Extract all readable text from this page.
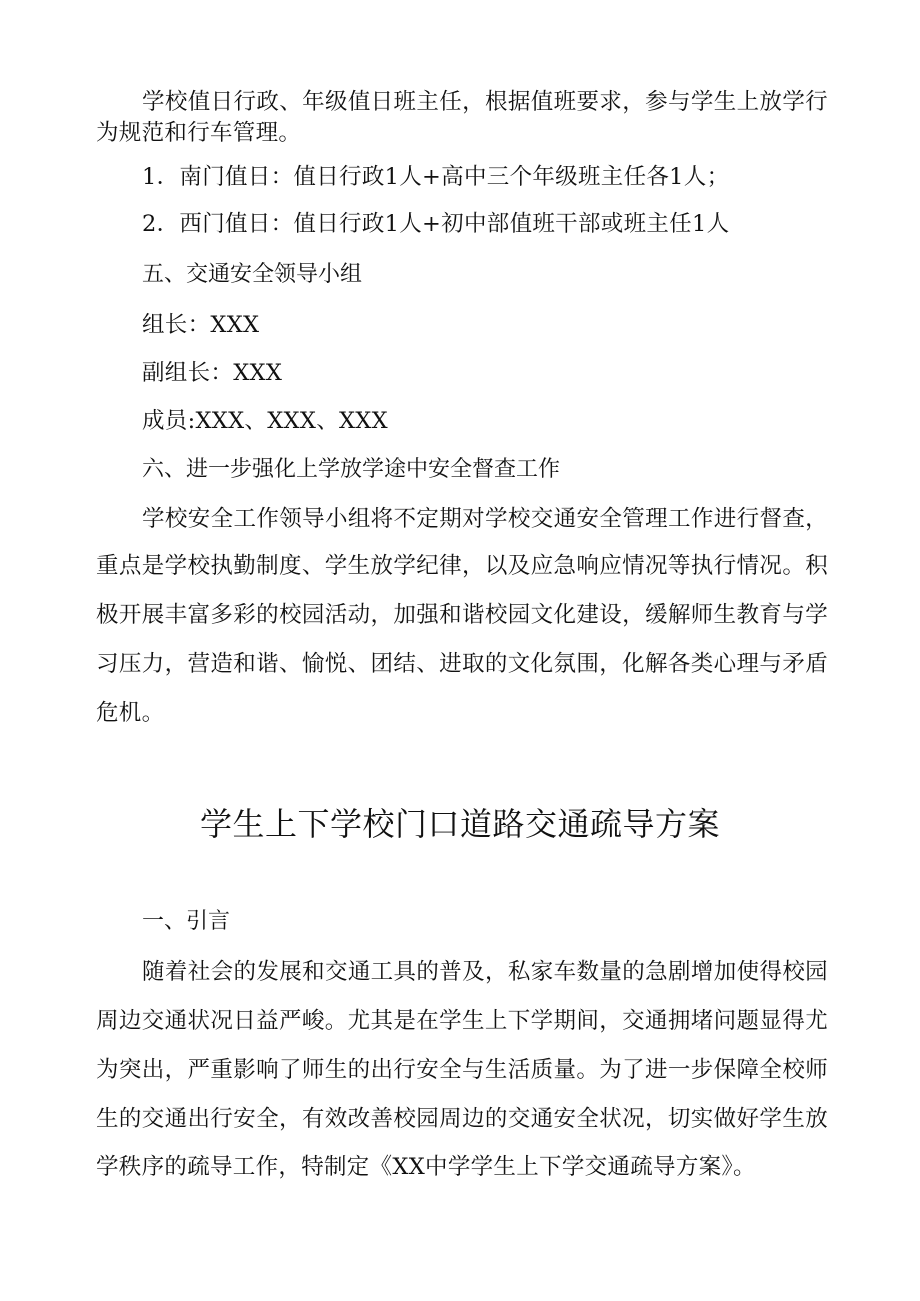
学校值日行政、年级值日班主任，根据值班要求，参与学生上放学行
为规范和行车管理。
1．南门值日：值日行政1人+高中三个年级班主任各1人；
2．西门值日：值日行政1人+初中部值班干部或班主任1人
五、交通安全领导小组
组长：XXX
副组长：XXX
成员:XXX、XXX、XXX
六、进一步强化上学放学途中安全督查工作
学校安全工作领导小组将不定期对学校交通安全管理工作进行督查，
重点是学校执勤制度、学生放学纪律，以及应急响应情况等执行情况。积
极开展丰富多彩的校园活动，加强和谐校园文化建设，缓解师生教育与学
习压力，营造和谐、愉悦、团结、进取的文化氛围，化解各类心理与矛盾
危机。
学生上下学校门口道路交通疏导方案
一、引言
随着社会的发展和交通工具的普及，私家车数量的急剧增加使得校园
周边交通状况日益严峻。尤其是在学生上下学期间，交通拥堵问题显得尤
为突出，严重影响了师生的出行安全与生活质量。为了进一步保障全校师
生的交通出行安全，有效改善校园周边的交通安全状况，切实做好学生放
学秩序的疏导工作，特制定《XX中学学生上下学交通疏导方案》。
